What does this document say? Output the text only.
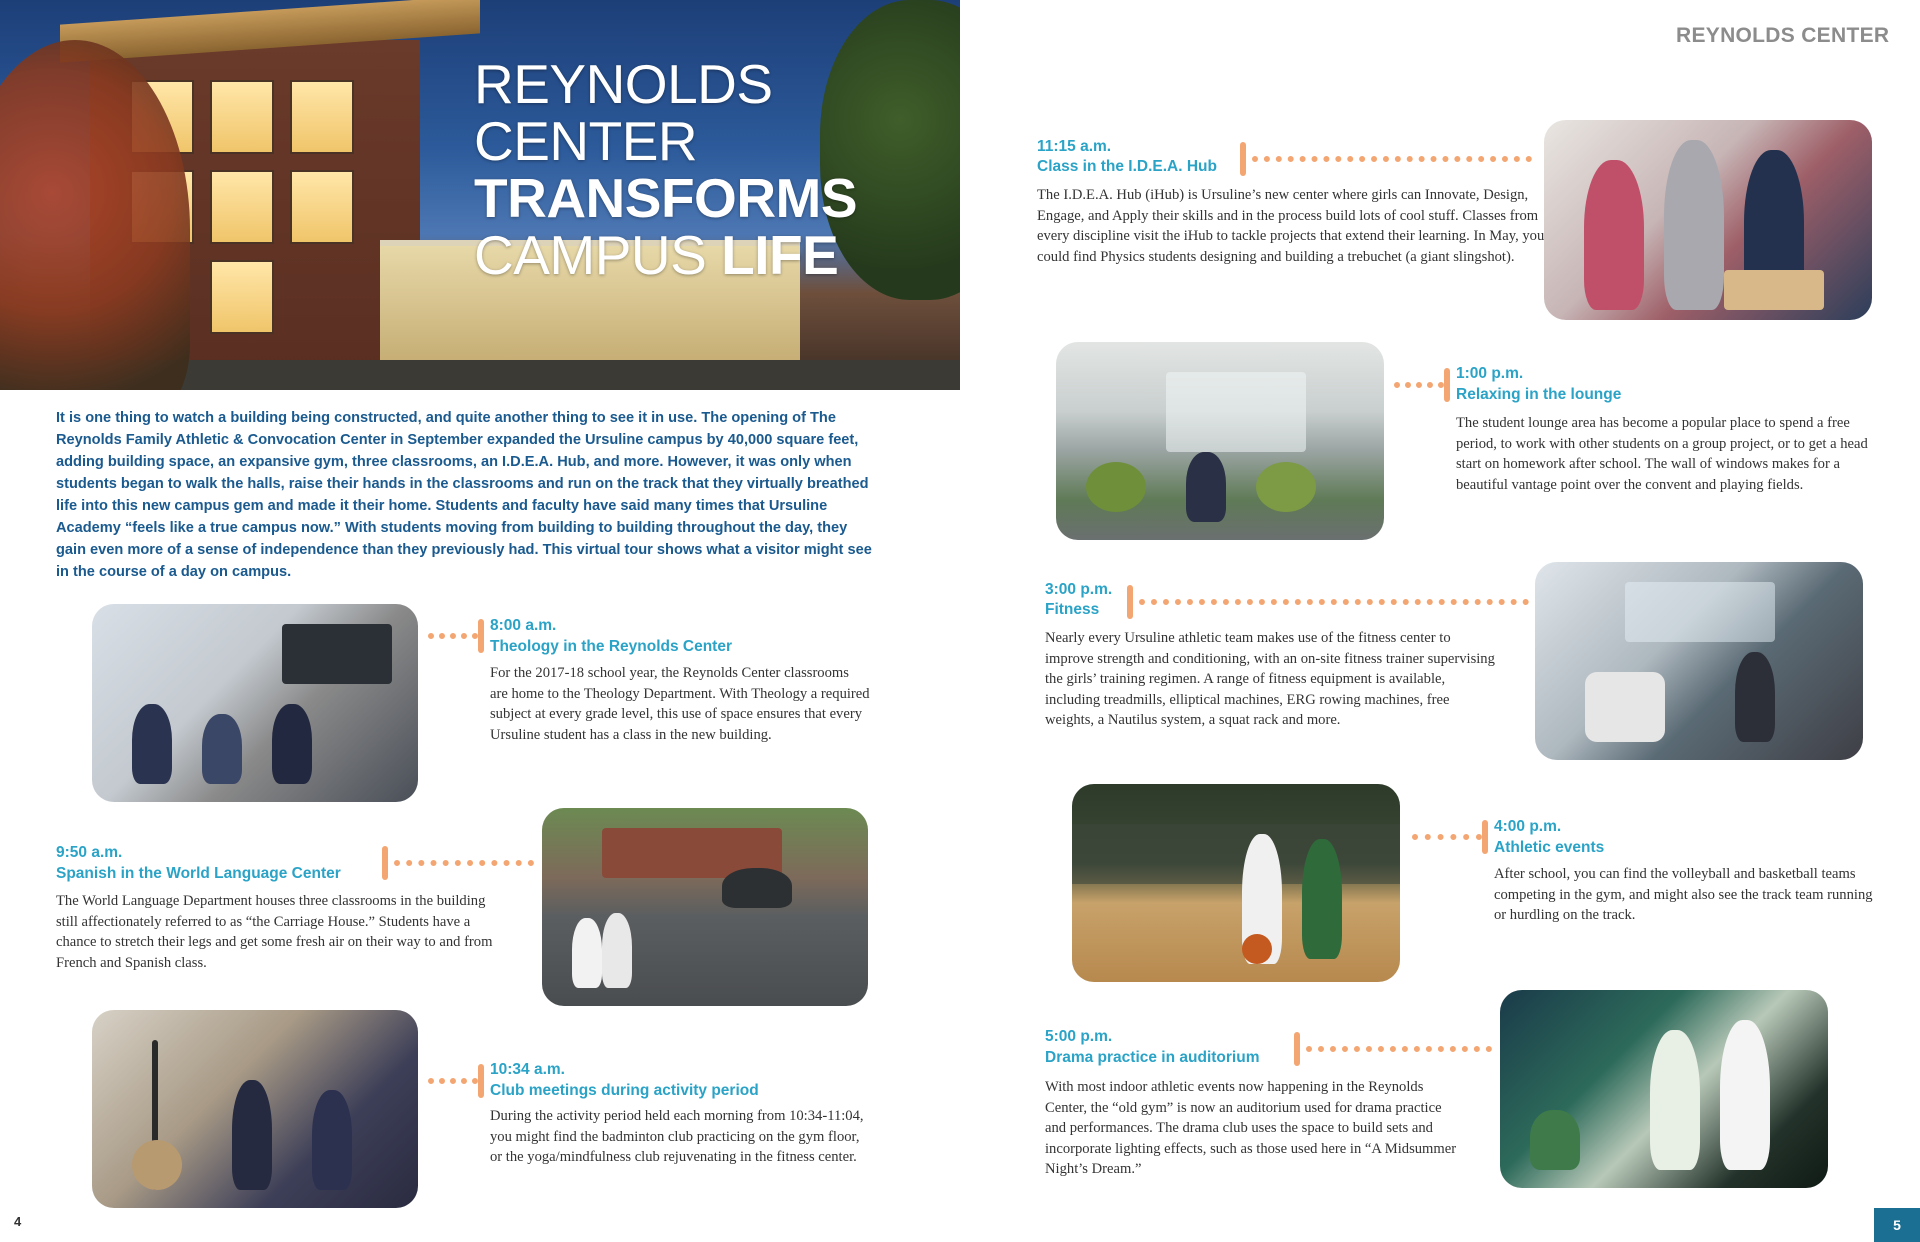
REYNOLDS
CENTER
TRANSFORMS
CAMPUS LIFE
It is one thing to watch a building being constructed, and quite another thing to see it in use. The opening of The Reynolds Family Athletic & Convocation Center in September expanded the Ursuline campus by 40,000 square feet, adding building space, an expansive gym, three classrooms, an I.D.E.A. Hub, and more. However, it was only when students began to walk the halls, raise their hands in the classrooms and run on the track that they virtually breathed life into this new campus gem and made it their home. Students and faculty have said many times that Ursuline Academy “feels like a true campus now.” With students moving from building to building throughout the day, they gain even more of a sense of independence than they previously had. This virtual tour shows what a visitor might see in the course of a day on campus.
REYNOLDS CENTER
8:00 a.m.
Theology in the Reynolds Center
For the 2017-18 school year, the Reynolds Center classrooms are home to the Theology Department. With Theology a required subject at every grade level, this use of space ensures that every Ursuline student has a class in the new building.
9:50 a.m.
Spanish in the World Language Center
The World Language Department houses three classrooms in the building still affectionately referred to as “the Carriage House.” Students have a chance to stretch their legs and get some fresh air on their way to and from French and Spanish class.
10:34 a.m.
Club meetings during activity period
During the activity period held each morning from 10:34-11:04, you might find the badminton club practicing on the gym floor, or the yoga/mindfulness club rejuvenating in the fitness center.
11:15 a.m.
Class in the I.D.E.A. Hub
The I.D.E.A. Hub (iHub) is Ursuline’s new center where girls can Innovate, Design, Engage, and Apply their skills and in the process build lots of cool stuff. Classes from every discipline visit the iHub to tackle projects that extend their learning. In May, you could find Physics students designing and building a trebuchet (a giant slingshot).
1:00 p.m.
Relaxing in the lounge
The student lounge area has become a popular place to spend a free period, to work with other students on a group project, or to get a head start on homework after school. The wall of windows makes for a beautiful vantage point over the convent and playing fields.
3:00 p.m.
Fitness
Nearly every Ursuline athletic team makes use of the fitness center to improve strength and conditioning, with an on-site fitness trainer supervising the girls’ training regimen. A range of fitness equipment is available, including treadmills, elliptical machines, ERG rowing machines, free weights, a Nautilus system, a squat rack and more.
4:00 p.m.
Athletic events
After school, you can find the volleyball and basketball teams competing in the gym, and might also see the track team running or hurdling on the track.
5:00 p.m.
Drama practice in auditorium
With most indoor athletic events now happening in the Reynolds Center, the “old gym” is now an auditorium used for drama practice and performances. The drama club uses the space to build sets and incorporate lighting effects, such as those used here in “A Midsummer Night’s Dream.”
4	5
